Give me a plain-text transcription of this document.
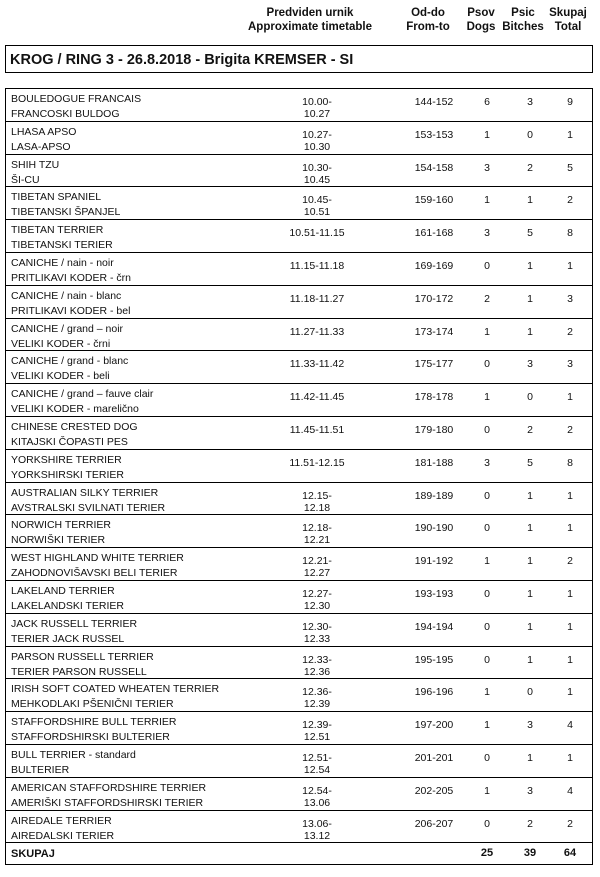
Predviden urnik
Approximate timetable
Od-do
From-to
Psov
Dogs
Psic
Bitches
Skupaj
Total
KROG / RING 3 - 26.8.2018 - Brigita KREMSER - SI
BOULEDOGUE FRANCAIS
FRANCOSKI BULDOG
10.00-10.27
144-152	6	3	9
LHASA APSO
LASA-APSO
10.27-10.30
153-153	1	0	1
SHIH TZU
ŠI-CU
10.30-10.45
154-158	3	2	5
TIBETAN SPANIEL
TIBETANSKI ŠPANJEL
10.45-10.51
159-160	1	1	2
TIBETAN TERRIER
TIBETANSKI TERIER
10.51-11.15	161-168	3	5	8
CANICHE / nain - noir
PRITLIKAVI KODER - črn
11.15-11.18	169-169	0	1	1
CANICHE / nain - blanc
PRITLIKAVI KODER - bel
11.18-11.27	170-172	2	1	3
CANICHE / grand – noir
VELIKI KODER - črni
11.27-11.33	173-174	1	1	2
CANICHE / grand - blanc
VELIKI KODER - beli
11.33-11.42	175-177	0	3	3
CANICHE / grand – fauve clair
VELIKI KODER - marelično
11.42-11.45	178-178	1	0	1
CHINESE CRESTED DOG
KITAJSKI ČOPASTI PES
11.45-11.51	179-180	0	2	2
YORKSHIRE TERRIER
YORKSHIRSKI TERIER
11.51-12.15	181-188	3	5	8
AUSTRALIAN SILKY TERRIER
AVSTRALSKI SVILNATI TERIER
12.15-12.18
189-189	0	1	1
NORWICH TERRIER
NORWIŠKI TERIER
12.18-12.21
190-190	0	1	1
WEST HIGHLAND WHITE TERRIER
ZAHODNOVIŠAVSKI BELI TERIER
12.21-12.27
191-192	1	1	2
LAKELAND TERRIER
LAKELANDSKI TERIER
12.27-12.30
193-193	0	1	1
JACK RUSSELL TERRIER
TERIER JACK RUSSEL
12.30-12.33
194-194	0	1	1
PARSON RUSSELL TERRIER
TERIER PARSON RUSSELL
12.33-12.36
195-195	0	1	1
IRISH SOFT COATED WHEATEN TERRIER
MEHKODLAKI PŠENIČNI TERIER
12.36-12.39
196-196	1	0	1
STAFFORDSHIRE BULL TERRIER
STAFFORDSHIRSKI BULTERIER
12.39-12.51
197-200	1	3	4
BULL TERRIER - standard
BULTERIER
12.51-12.54
201-201	0	1	1
AMERICAN STAFFORDSHIRE TERRIER
AMERIŠKI STAFFORDSHIRSKI TERIER
12.54-13.06
202-205	1	3	4
AIREDALE TERRIER
AIREDALSKI TERIER
13.06-13.12
206-207	0	2	2
SKUPAJ	25	39	64
